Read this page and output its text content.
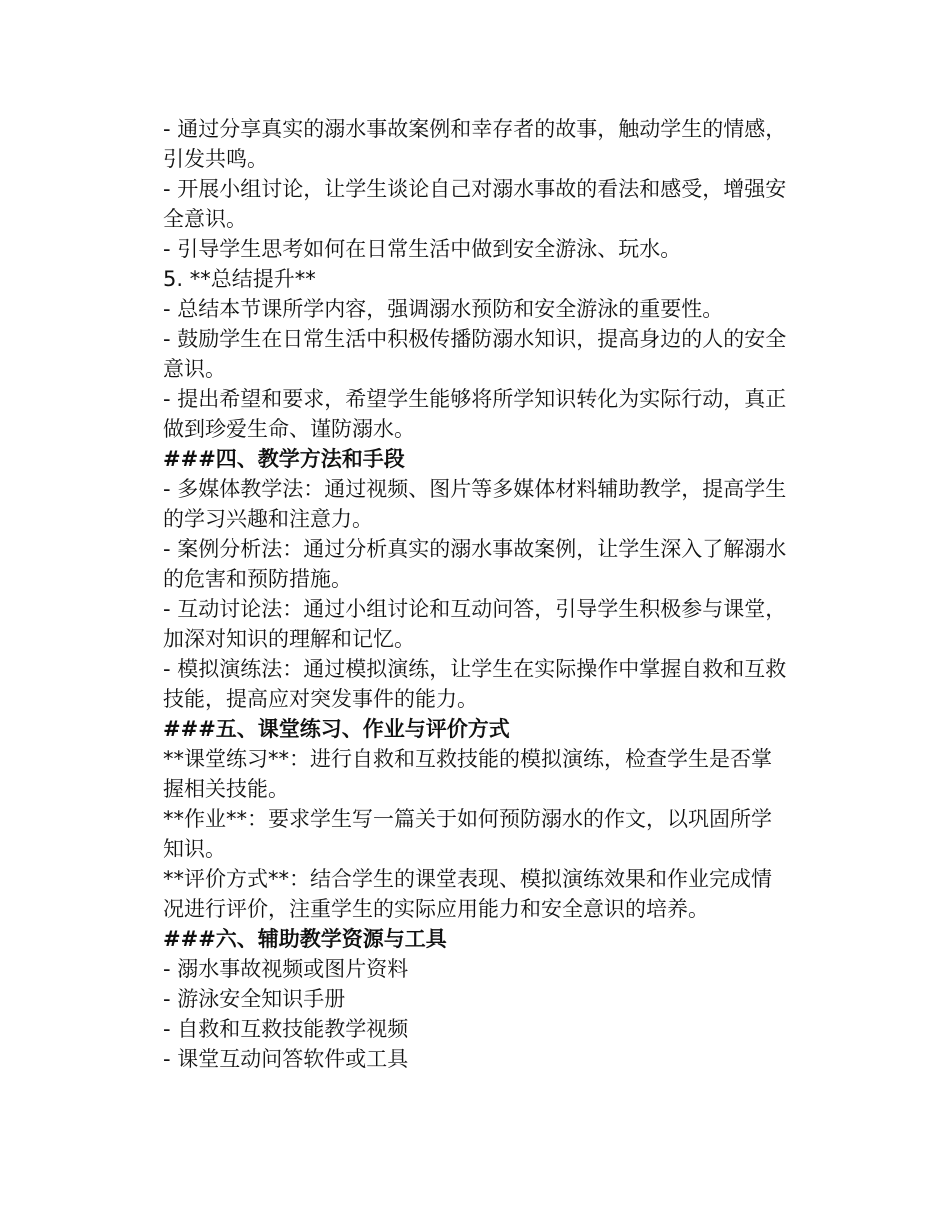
- 通过分享真实的溺水事故案例和幸存者的故事，触动学生的情感，引发共鸣。

- 开展小组讨论，让学生谈论自己对溺水事故的看法和感受，增强安全意识。

- 引导学生思考如何在日常生活中做到安全游泳、玩水。

5. **总结提升**

- 总结本节课所学内容，强调溺水预防和安全游泳的重要性。

- 鼓励学生在日常生活中积极传播防溺水知识，提高身边的人的安全意识。

- 提出希望和要求，希望学生能够将所学知识转化为实际行动，真正做到珍爱生命、谨防溺水。

###四、教学方法和手段

- 多媒体教学法：通过视频、图片等多媒体材料辅助教学，提高学生的学习兴趣和注意力。

- 案例分析法：通过分析真实的溺水事故案例，让学生深入了解溺水的危害和预防措施。

- 互动讨论法：通过小组讨论和互动问答，引导学生积极参与课堂，加深对知识的理解和记忆。

- 模拟演练法：通过模拟演练，让学生在实际操作中掌握自救和互救技能，提高应对突发事件的能力。

###五、课堂练习、作业与评价方式

**课堂练习**：进行自救和互救技能的模拟演练，检查学生是否掌握相关技能。

**作业**：要求学生写一篇关于如何预防溺水的作文，以巩固所学知识。

**评价方式**：结合学生的课堂表现、模拟演练效果和作业完成情况进行评价，注重学生的实际应用能力和安全意识的培养。

###六、辅助教学资源与工具

- 溺水事故视频或图片资料

- 游泳安全知识手册

- 自救和互救技能教学视频

- 课堂互动问答软件或工具
